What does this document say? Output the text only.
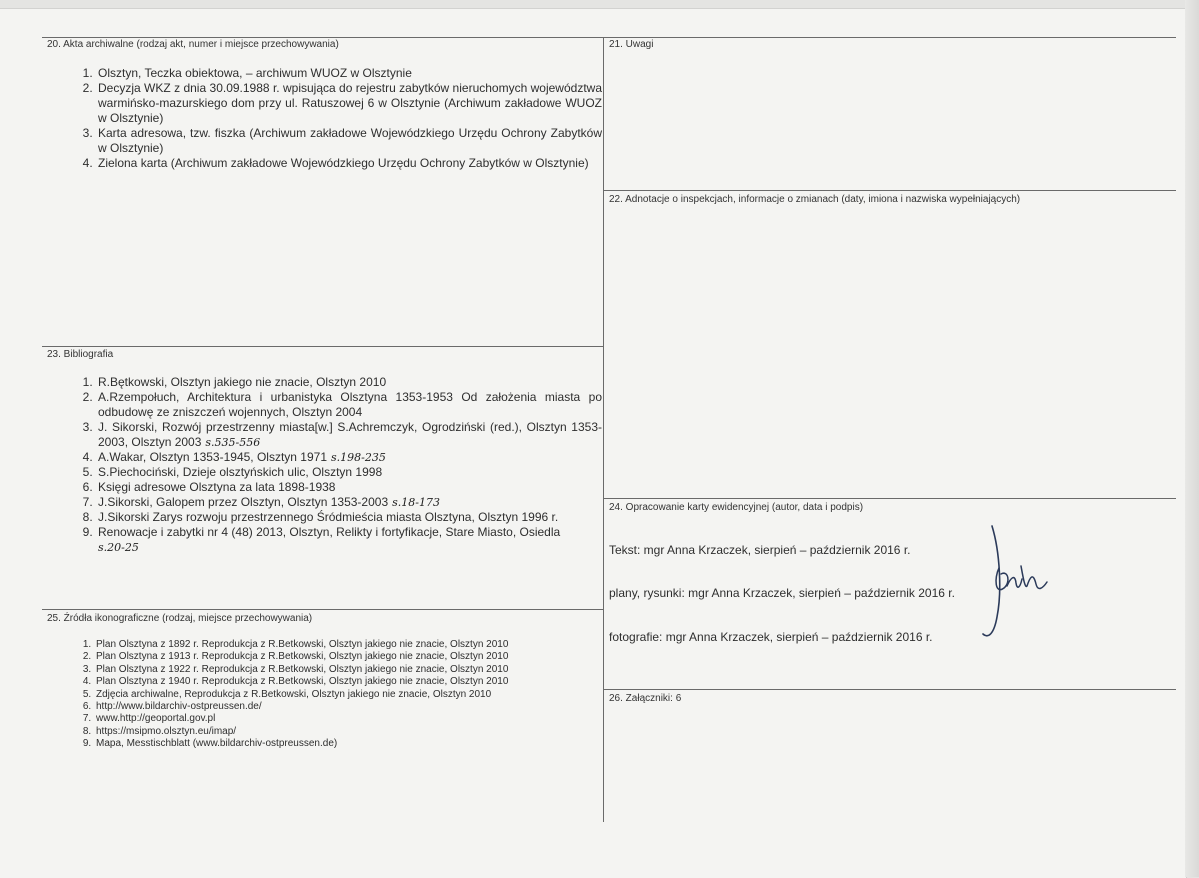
20. Akta archiwalne (rodzaj akt, numer i miejsce przechowywania)
1. Olsztyn, Teczka obiektowa, – archiwum WUOZ w Olsztynie
2. Decyzja WKZ z dnia 30.09.1988 r. wpisująca do rejestru zabytków nieruchomych województwa warmińsko-mazurskiego dom przy ul. Ratuszowej 6 w Olsztynie (Archiwum zakładowe WUOZ w Olsztynie)
3. Karta adresowa, tzw. fiszka (Archiwum zakładowe Wojewódzkiego Urzędu Ochrony Zabytków w Olsztynie)
4. Zielona karta (Archiwum zakładowe Wojewódzkiego Urzędu Ochrony Zabytków w Olsztynie)
21. Uwagi
22. Adnotacje o inspekcjach, informacje o zmianach (daty, imiona i nazwiska wypełniających)
23. Bibliografia
1. R.Bętkowski, Olsztyn jakiego nie znacie, Olsztyn 2010
2. A.Rzempołuch, Architektura i urbanistyka Olsztyna 1353-1953 Od założenia miasta po odbudowę ze zniszczeń wojennych, Olsztyn 2004
3. J. Sikorski, Rozwój przestrzenny miasta[w.] S.Achremczyk, Ogrodziński (red.), Olsztyn 1353-2003, Olsztyn 2003 s.535-556
4. A.Wakar, Olsztyn 1353-1945, Olsztyn 1971 s.198-235
5. S.Piechociński, Dzieje olsztyńskich ulic, Olsztyn 1998
6. Księgi adresowe Olsztyna za lata 1898-1938
7. J.Sikorski, Galopem przez Olsztyn, Olsztyn 1353-2003 s.18-173
8. J.Sikorski Zarys rozwoju przestrzennego Śródmieścia miasta Olsztyna, Olsztyn 1996 r.
9. Renowacje i zabytki nr 4 (48) 2013, Olsztyn, Relikty i fortyfikacje, Stare Miasto, Osiedla
s.20-25
24. Opracowanie karty ewidencyjnej (autor, data i podpis)
Tekst: mgr Anna Krzaczek, sierpień – październik 2016 r.
plany, rysunki: mgr Anna Krzaczek, sierpień – październik 2016 r.
fotografie: mgr Anna Krzaczek, sierpień – październik 2016 r.
25. Źródła ikonograficzne (rodzaj, miejsce przechowywania)
1. Plan Olsztyna z 1892 r. Reprodukcja z R.Betkowski, Olsztyn jakiego nie znacie, Olsztyn 2010
2. Plan Olsztyna z 1913 r. Reprodukcja z R.Betkowski, Olsztyn jakiego nie znacie, Olsztyn 2010
3. Plan Olsztyna z 1922 r. Reprodukcja z R.Betkowski, Olsztyn jakiego nie znacie, Olsztyn 2010
4. Plan Olsztyna z 1940 r. Reprodukcja z R.Betkowski, Olsztyn jakiego nie znacie, Olsztyn 2010
5. Zdjęcia archiwalne, Reprodukcja z R.Betkowski, Olsztyn jakiego nie znacie, Olsztyn 2010
6. http://www.bildarchiv-ostpreussen.de/
7. www.http://geoportal.gov.pl
8. https://msipmo.olsztyn.eu/imap/
9. Mapa, Messtischblatt (www.bildarchiv-ostpreussen.de)
26. Załączniki: 6
